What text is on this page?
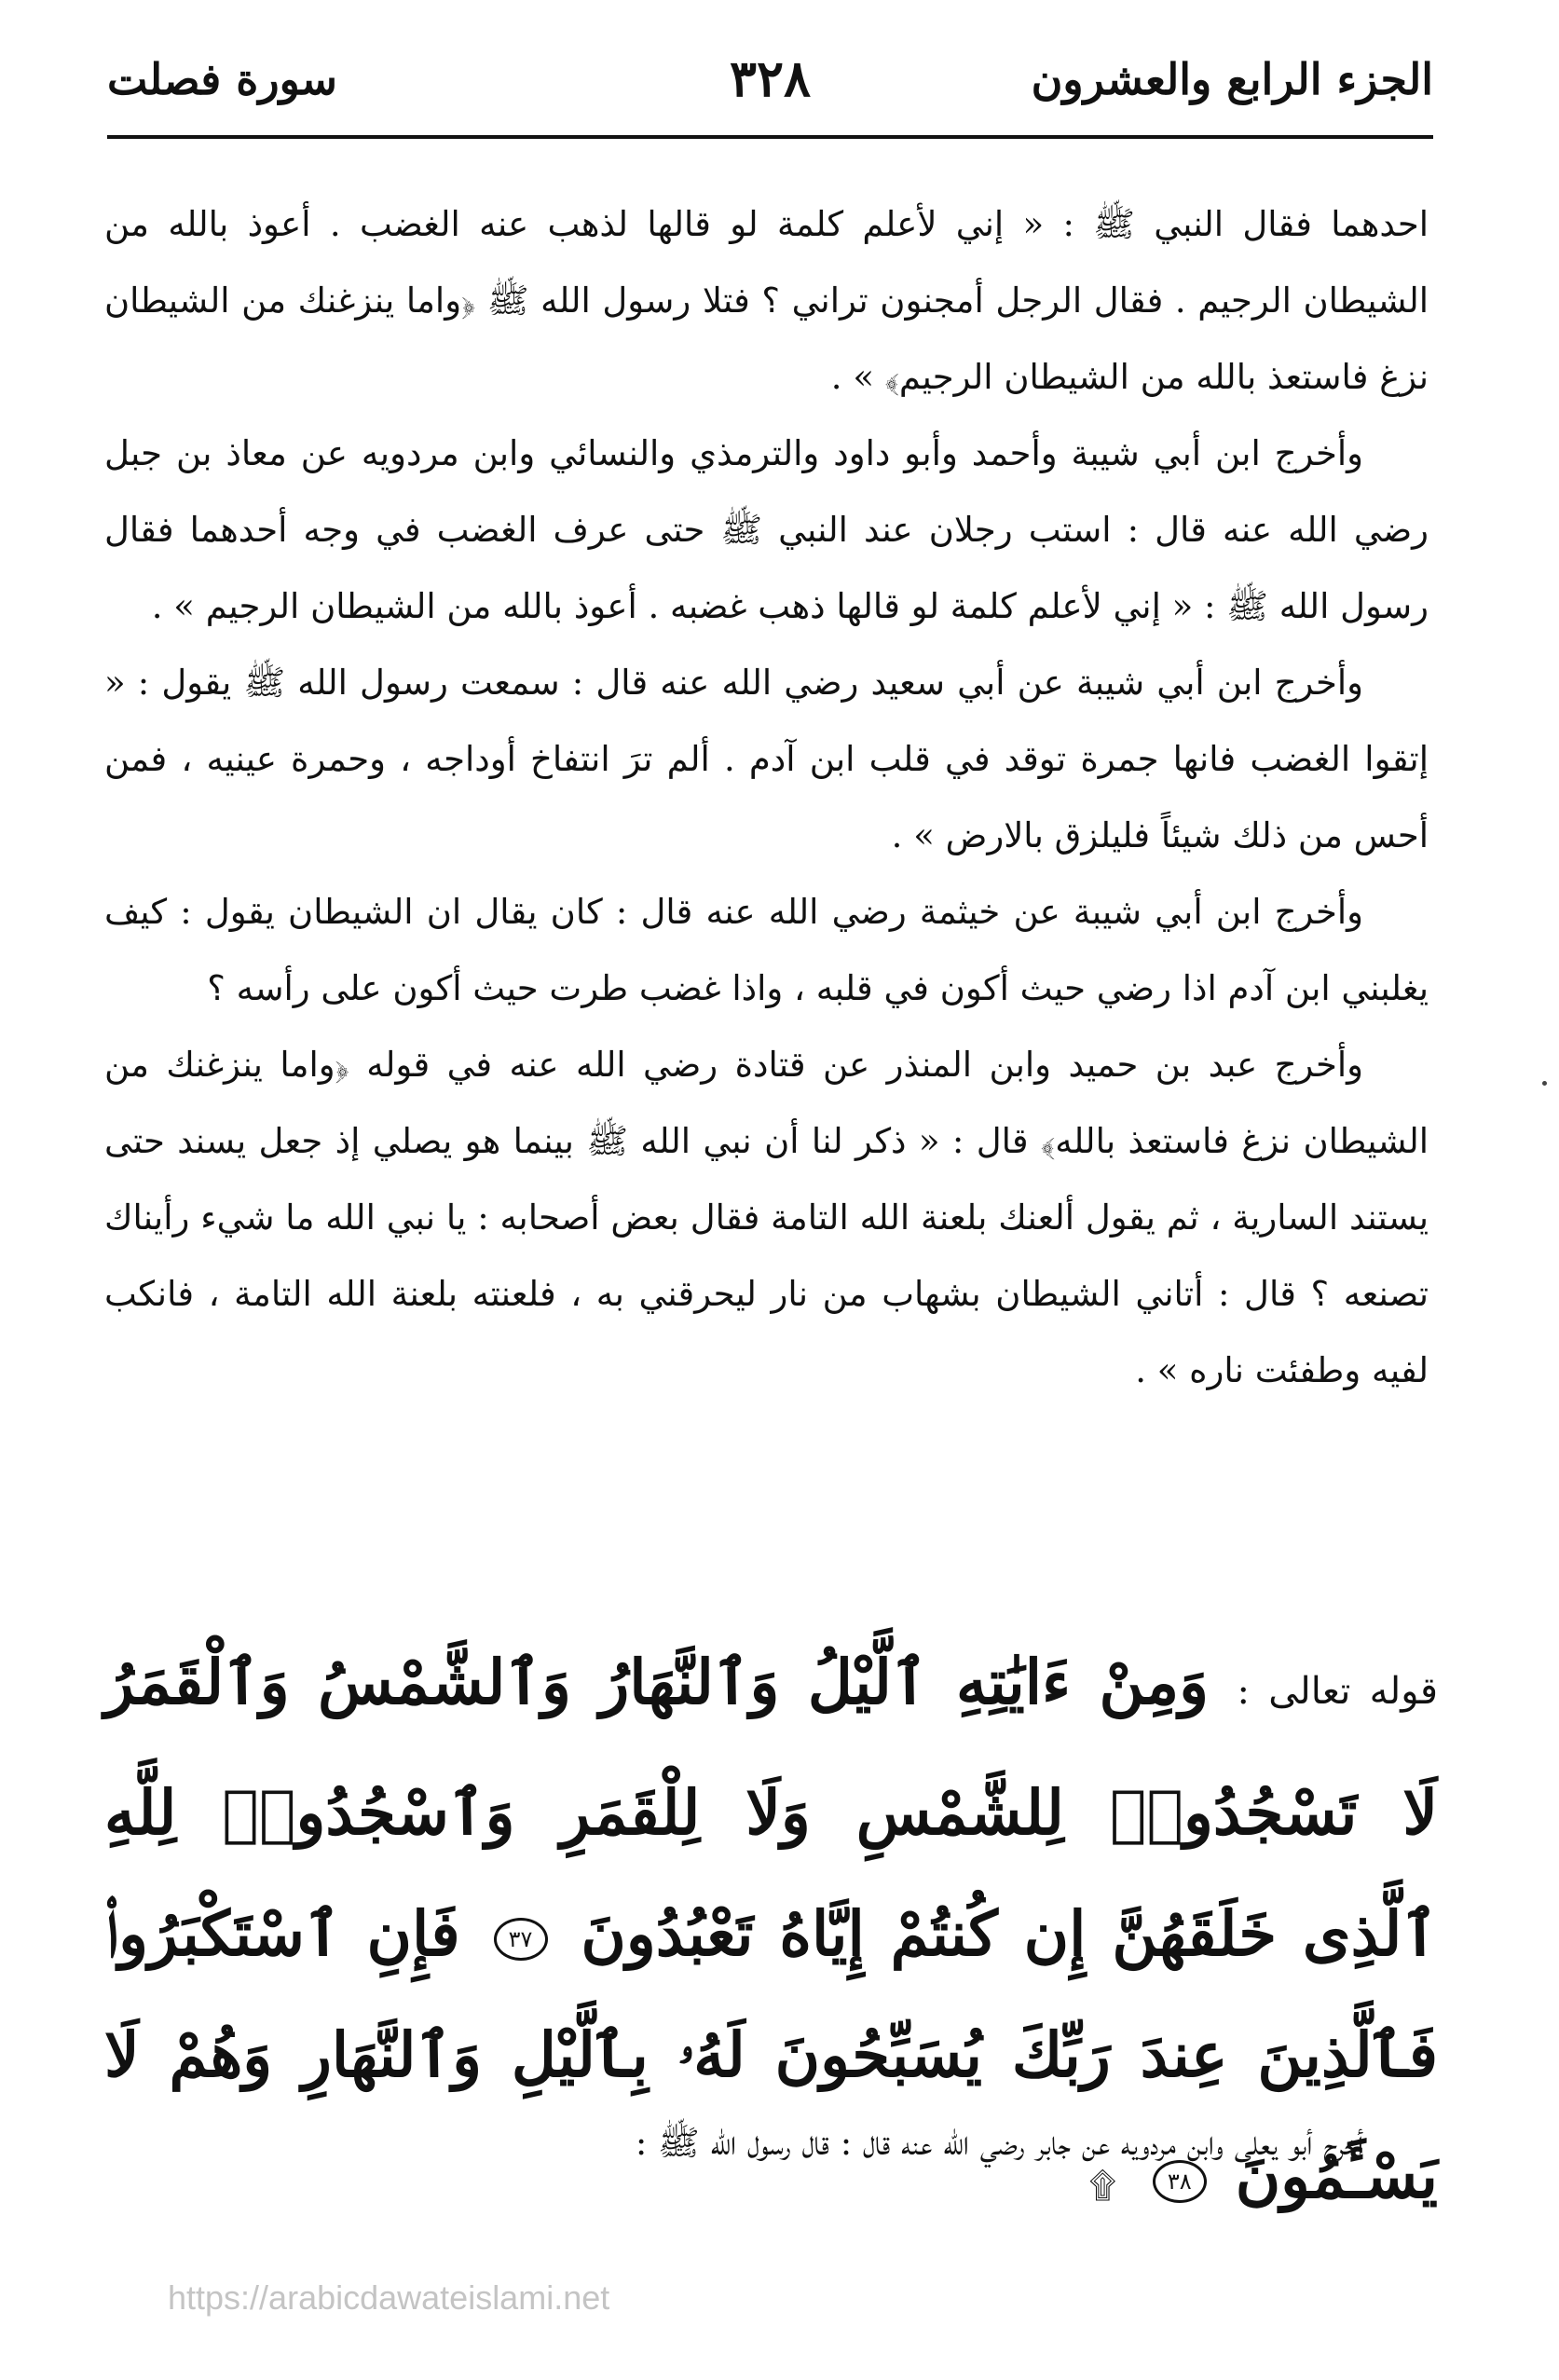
الجزء الرابع والعشرون
٣٢٨
سورة فصلت

احدهما فقال النبي ﷺ : « إني لأعلم كلمة لو قالها لذهب عنه الغضب . أعوذ بالله من الشيطان الرجيم . فقال الرجل أمجنون تراني ؟ فتلا رسول الله ﷺ ﴿واما ينزغنك من الشيطان نزغ فاستعذ بالله من الشيطان الرجيم﴾ » .

وأخرج ابن أبي شيبة وأحمد وأبو داود والترمذي والنسائي وابن مردويه عن معاذ بن جبل رضي الله عنه قال : استب رجلان عند النبي ﷺ حتى عرف الغضب في وجه أحدهما فقال رسول الله ﷺ : « إني لأعلم كلمة لو قالها ذهب غضبه . أعوذ بالله من الشيطان الرجيم » .

وأخرج ابن أبي شيبة عن أبي سعيد رضي الله عنه قال : سمعت رسول الله ﷺ يقول : « إتقوا الغضب فانها جمرة توقد في قلب ابن آدم . ألم ترَ انتفاخ أوداجه ، وحمرة عينيه ، فمن أحس من ذلك شيئاً فليلزق بالارض » .

وأخرج ابن أبي شيبة عن خيثمة رضي الله عنه قال : كان يقال ان الشيطان يقول : كيف يغلبني ابن آدم اذا رضي حيث أكون في قلبه ، واذا غضب طرت حيث أكون على رأسه ؟

وأخرج عبد بن حميد وابن المنذر عن قتادة رضي الله عنه في قوله ﴿واما ينزغنك من الشيطان نزغ فاستعذ بالله﴾ قال : « ذكر لنا أن نبي الله ﷺ بينما هو يصلي إذ جعل يسند حتى يستند السارية ، ثم يقول ألعنك بلعنة الله التامة فقال بعض أصحابه : يا نبي الله ما شيء رأيناك تصنعه ؟ قال : أتاني الشيطان بشهاب من نار ليحرقني به ، فلعنته بلعنة الله التامة ، فانكب لفيه وطفئت ناره » .

قوله تعالى : وَمِنْ ءَايَٰتِهِ ٱلَّيْلُ وَٱلنَّهَارُ وَٱلشَّمْسُ وَٱلْقَمَرُ لَا تَسْجُدُوا۟ لِلشَّمْسِ وَلَا لِلْقَمَرِ وَٱسْجُدُوا۟ لِلَّهِ ٱلَّذِى خَلَقَهُنَّ إِن كُنتُمْ إِيَّاهُ تَعْبُدُونَ ٣٧ فَإِنِ ٱسْتَكْبَرُوا۟ فَٱلَّذِينَ عِندَ رَبِّكَ يُسَبِّحُونَ لَهُۥ بِٱلَّيْلِ وَٱلنَّهَارِ وَهُمْ لَا يَسْـَٔمُونَ ٣٨ ۩
أخرج أبو يعلى وابن مردويه عن جابر رضي الله عنه قال : قال رسول الله ﷺ :
https://arabicdawateislami.net
